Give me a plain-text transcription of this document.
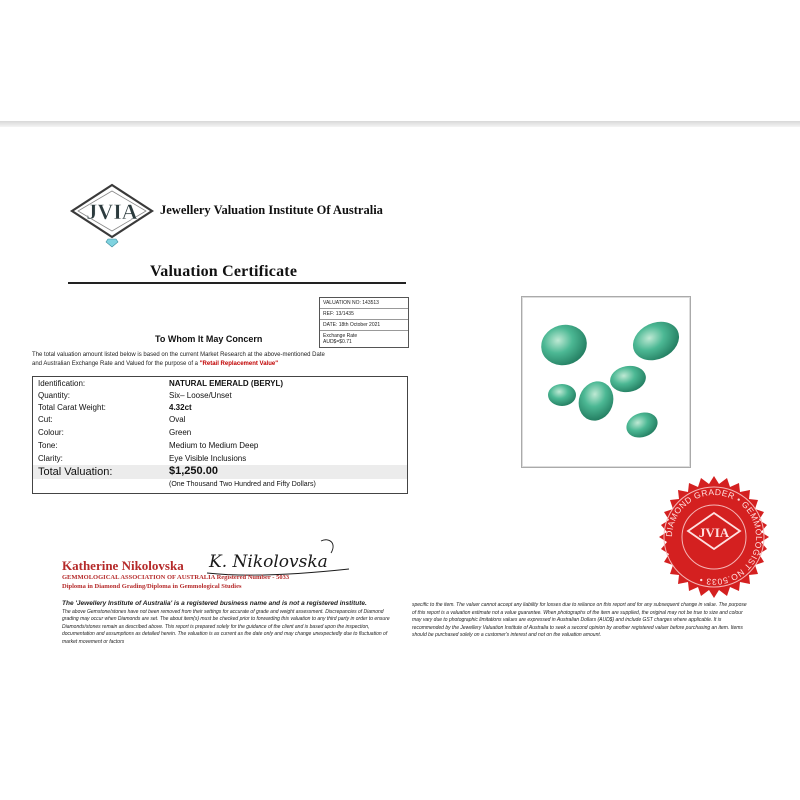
JVIA Jewellery Valuation Institute Of Australia
Valuation Certificate
VALUATION NO: 143513
REF: 13/1435
DATE: 18th October 2021
Exchange Rate
AUD$=$0.71
To Whom It May Concern
The total valuation amount listed below is based on the current Market Research at the above-mentioned Date
and Australian Exchange Rate and Valued for the purpose of a "Retail Replacement Value"
Identification:	NATURAL EMERALD (BERYL)
Quantity:	Six– Loose/Unset
Total Carat Weight:	4.32ct
Cut:	Oval
Colour:	Green
Tone:	Medium to Medium Deep
Clarity:	Eye Visible Inclusions
Total Valuation:	$1,250.00
(One Thousand Two Hundred and Fifty Dollars)
DIAMOND GRADER • GEMMOLOGIST NO.5033 •
JVIA
Katherine Nikolovska K. Nikolovska
GEMMOLOGICAL ASSOCIATION OF AUSTRALIA Registered Number - 5033
Diploma in Diamond Grading/Diploma in Gemmological Studies
The 'Jewellery Institute of Australia' is a registered business name and is not a registered institute.
The above Gemstone/stones have not been removed from their settings for accurate of grade and weight assessment. Discrepancies of Diamond grading may occur when Diamonds are set. The about item(s) must be checked prior to forwarding this valuation to any third party in order to ensure Diamonds/stones remain as described above. This report is prepared solely for the guidance of the client and is based upon the inspection, documentation and assumptions as detailed herein. The valuation is as current as the date only and may change unexpectedly due to fluctuation of market movement or factors
specific to the item. The valuer cannot accept any liability for losses due to reliance on this report and for any subsequent change in value. The purpose of this report is a valuation estimate not a value guarantee. When photographs of the item are supplied, the original may not be true to size and colour may vary due to photographic limitations values are expressed in Australian Dollars (AUD$) and include GST charges where applicable. It is recommended by the Jewellery Valuation Institute of Australia to seek a second opinion by another registered valuer before purchasing an item. Items should be purchased solely on a customer's interest and not on the valuation amount.
